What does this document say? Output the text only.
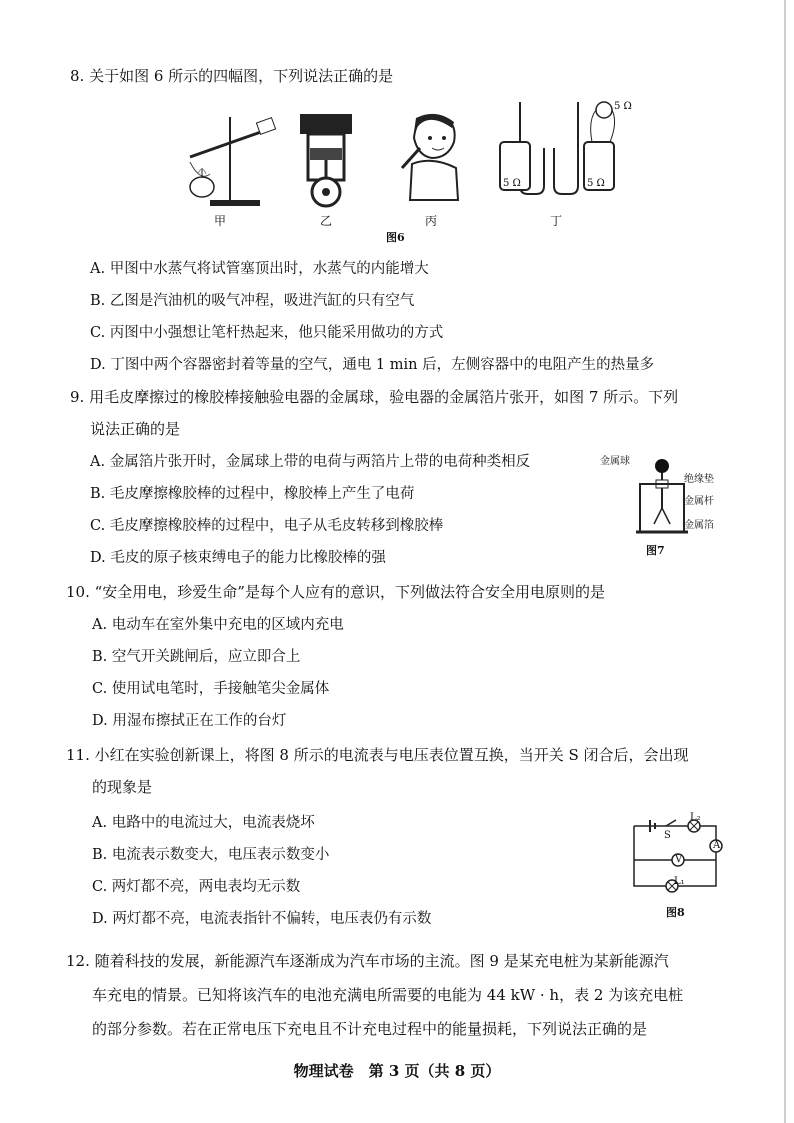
8. 关于如图 6 所示的四幅图，下列说法正确的是
甲	乙	丙
5 Ω
5 Ω	5 Ω
丁
图6
A. 甲图中水蒸气将试管塞顶出时，水蒸气的内能增大
B. 乙图是汽油机的吸气冲程，吸进汽缸的只有空气
C. 丙图中小强想让笔杆热起来，他只能采用做功的方式
D. 丁图中两个容器密封着等量的空气，通电 1 min 后，左侧容器中的电阻产生的热量多
9. 用毛皮摩擦过的橡胶棒接触验电器的金属球，验电器的金属箔片张开，如图 7 所示。下列
说法正确的是
A. 金属箔片张开时，金属球上带的电荷与两箔片上带的电荷种类相反
B. 毛皮摩擦橡胶棒的过程中，橡胶棒上产生了电荷
C. 毛皮摩擦橡胶棒的过程中，电子从毛皮转移到橡胶棒
D. 毛皮的原子核束缚电子的能力比橡胶棒的强
金属球
绝缘垫
金属杆
金属箔
图7
10. “安全用电，珍爱生命”是每个人应有的意识，下列做法符合安全用电原则的是
A. 电动车在室外集中充电的区域内充电
B. 空气开关跳闸后，应立即合上
C. 使用试电笔时，手接触笔尖金属体
D. 用湿布擦拭正在工作的台灯
11. 小红在实验创新课上，将图 8 所示的电流表与电压表位置互换，当开关 S 闭合后，会出现
的现象是
A. 电路中的电流过大，电流表烧坏
B. 电流表示数变大，电压表示数变小
C. 两灯都不亮，两电表均无示数
D. 两灯都不亮，电流表指针不偏转，电压表仍有示数
L₂
S
V
A
L₁
图8
12. 随着科技的发展，新能源汽车逐渐成为汽车市场的主流。图 9 是某充电桩为某新能源汽
车充电的情景。已知将该汽车的电池充满电所需要的电能为 44 kW · h，表 2 为该充电桩
的部分参数。若在正常电压下充电且不计充电过程中的能量损耗，下列说法正确的是
物理试卷　第 3 页（共 8 页）
